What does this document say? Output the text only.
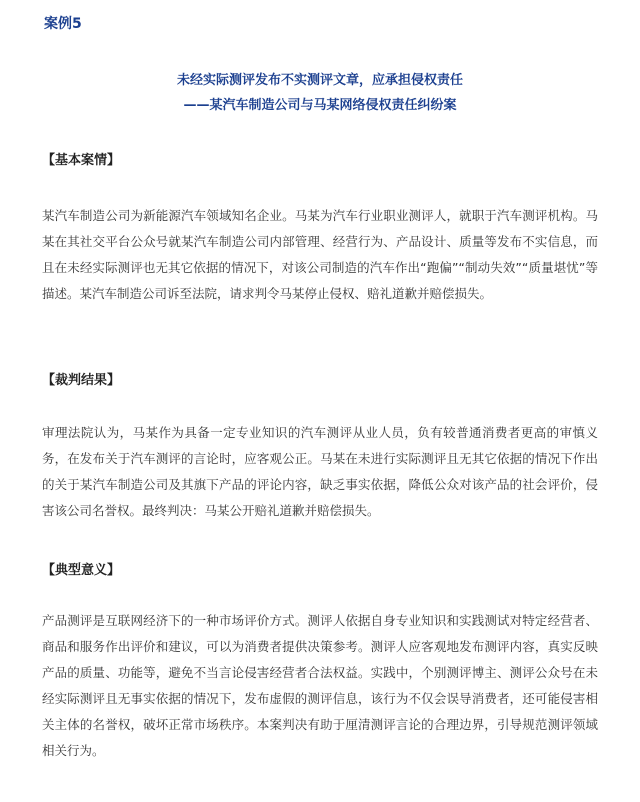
案例5
未经实际测评发布不实测评文章，应承担侵权责任
——某汽车制造公司与马某网络侵权责任纠纷案
【基本案情】

某汽车制造公司为新能源汽车领域知名企业。马某为汽车行业职业测评人，就职于汽车测评机构。马某在其社交平台公众号就某汽车制造公司内部管理、经营行为、产品设计、质量等发布不实信息，而且在未经实际测评也无其它依据的情况下，对该公司制造的汽车作出“跑偏”“制动失效”“质量堪忧”等描述。某汽车制造公司诉至法院，请求判令马某停止侵权、赔礼道歉并赔偿损失。

【裁判结果】

审理法院认为，马某作为具备一定专业知识的汽车测评从业人员，负有较普通消费者更高的审慎义务，在发布关于汽车测评的言论时，应客观公正。马某在未进行实际测评且无其它依据的情况下作出的关于某汽车制造公司及其旗下产品的评论内容，缺乏事实依据，降低公众对该产品的社会评价，侵害该公司名誉权。最终判决：马某公开赔礼道歉并赔偿损失。

【典型意义】

产品测评是互联网经济下的一种市场评价方式。测评人依据自身专业知识和实践测试对特定经营者、商品和服务作出评价和建议，可以为消费者提供决策参考。测评人应客观地发布测评内容，真实反映产品的质量、功能等，避免不当言论侵害经营者合法权益。实践中，个别测评博主、测评公众号在未经实际测评且无事实依据的情况下，发布虚假的测评信息，该行为不仅会误导消费者，还可能侵害相关主体的名誉权，破坏正常市场秩序。本案判决有助于厘清测评言论的合理边界，引导规范测评领域相关行为。
